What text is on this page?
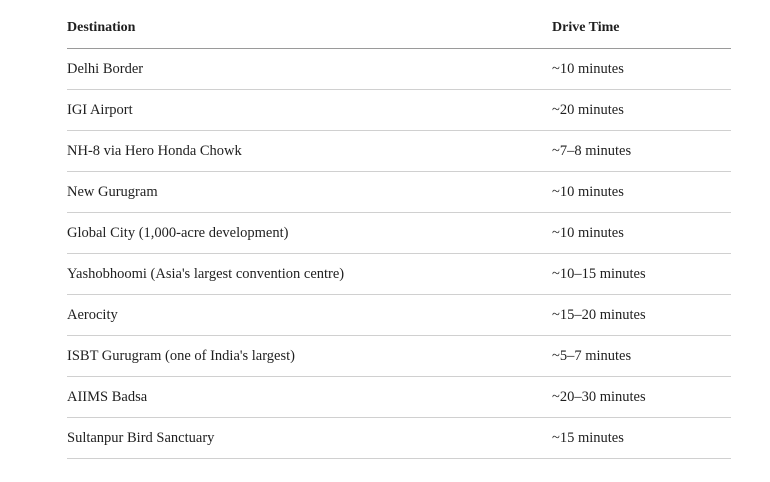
Destination	Drive Time
Delhi Border	~10 minutes
IGI Airport	~20 minutes
NH-8 via Hero Honda Chowk	~7–8 minutes
New Gurugram	~10 minutes
Global City (1,000-acre development)	~10 minutes
Yashobhoomi (Asia's largest convention centre)	~10–15 minutes
Aerocity	~15–20 minutes
ISBT Gurugram (one of India's largest)	~5–7 minutes
AIIMS Badsa	~20–30 minutes
Sultanpur Bird Sanctuary	~15 minutes
